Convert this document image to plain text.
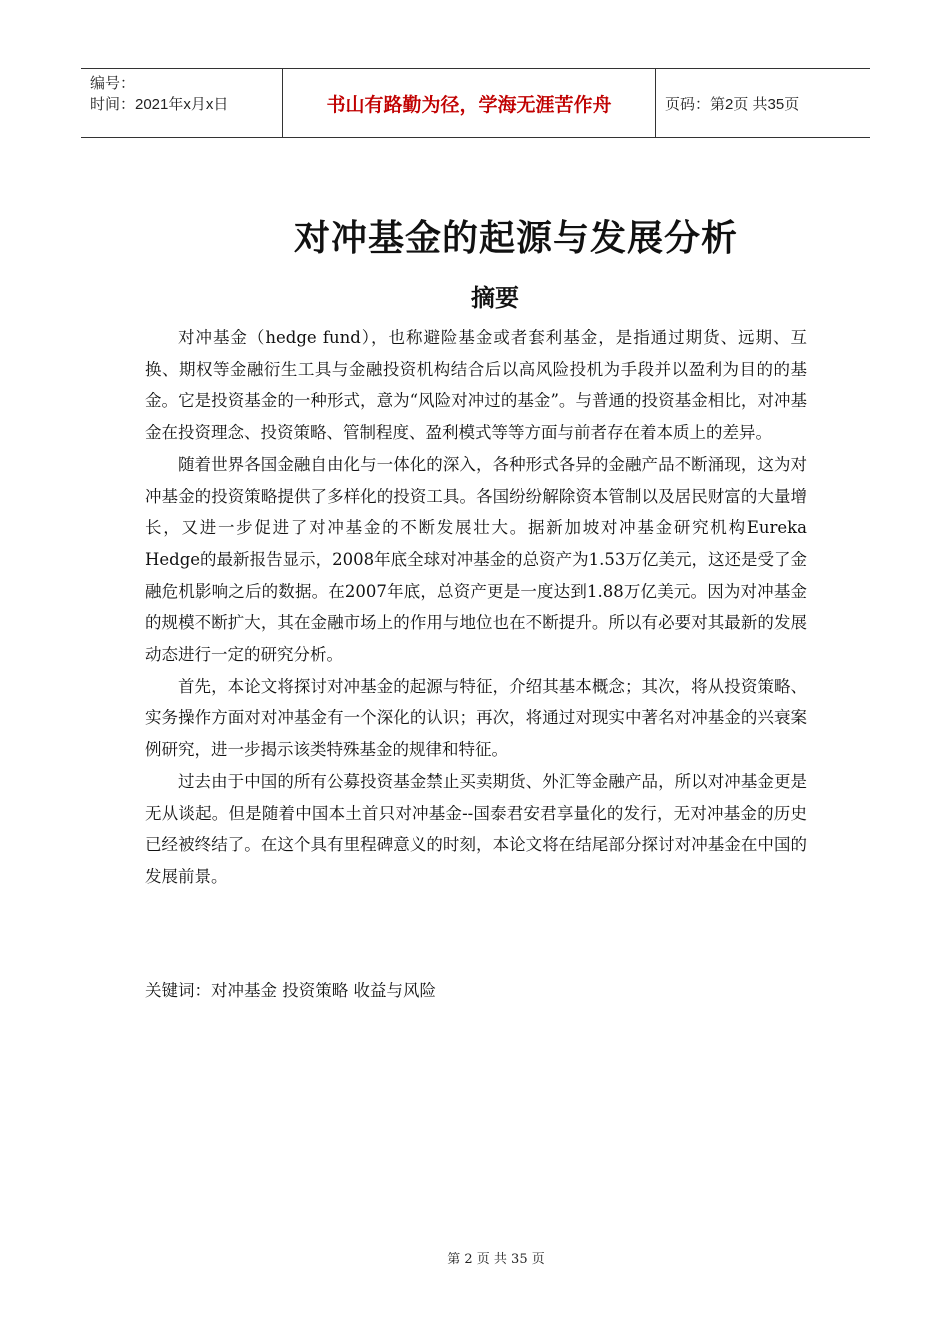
编号：
时间：2021年x月x日	书山有路勤为径，学海无涯苦作舟	页码：第2页 共35页
对冲基金的起源与发展分析
摘要

对冲基金（hedge fund），也称避险基金或者套利基金，是指通过期货、远期、互换、期权等金融衍生工具与金融投资机构结合后以高风险投机为手段并以盈利为目的的基金。它是投资基金的一种形式，意为“风险对冲过的基金”。与普通的投资基金相比，对冲基金在投资理念、投资策略、管制程度、盈利模式等等方面与前者存在着本质上的差异。

随着世界各国金融自由化与一体化的深入，各种形式各异的金融产品不断涌现，这为对冲基金的投资策略提供了多样化的投资工具。各国纷纷解除资本管制以及居民财富的大量增长，又进一步促进了对冲基金的不断发展壮大。据新加坡对冲基金研究机构Eureka Hedge的最新报告显示，2008年底全球对冲基金的总资产为1.53万亿美元，这还是受了金融危机影响之后的数据。在2007年底，总资产更是一度达到1.88万亿美元。因为对冲基金的规模不断扩大，其在金融市场上的作用与地位也在不断提升。所以有必要对其最新的发展动态进行一定的研究分析。

首先，本论文将探讨对冲基金的起源与特征，介绍其基本概念；其次，将从投资策略、实务操作方面对对冲基金有一个深化的认识；再次，将通过对现实中著名对冲基金的兴衰案例研究，进一步揭示该类特殊基金的规律和特征。

过去由于中国的所有公募投资基金禁止买卖期货、外汇等金融产品，所以对冲基金更是无从谈起。但是随着中国本土首只对冲基金--国泰君安君享量化的发行，无对冲基金的历史已经被终结了。在这个具有里程碑意义的时刻，本论文将在结尾部分探讨对冲基金在中国的发展前景。

关键词：对冲基金 投资策略 收益与风险
第 2 页 共 35 页
